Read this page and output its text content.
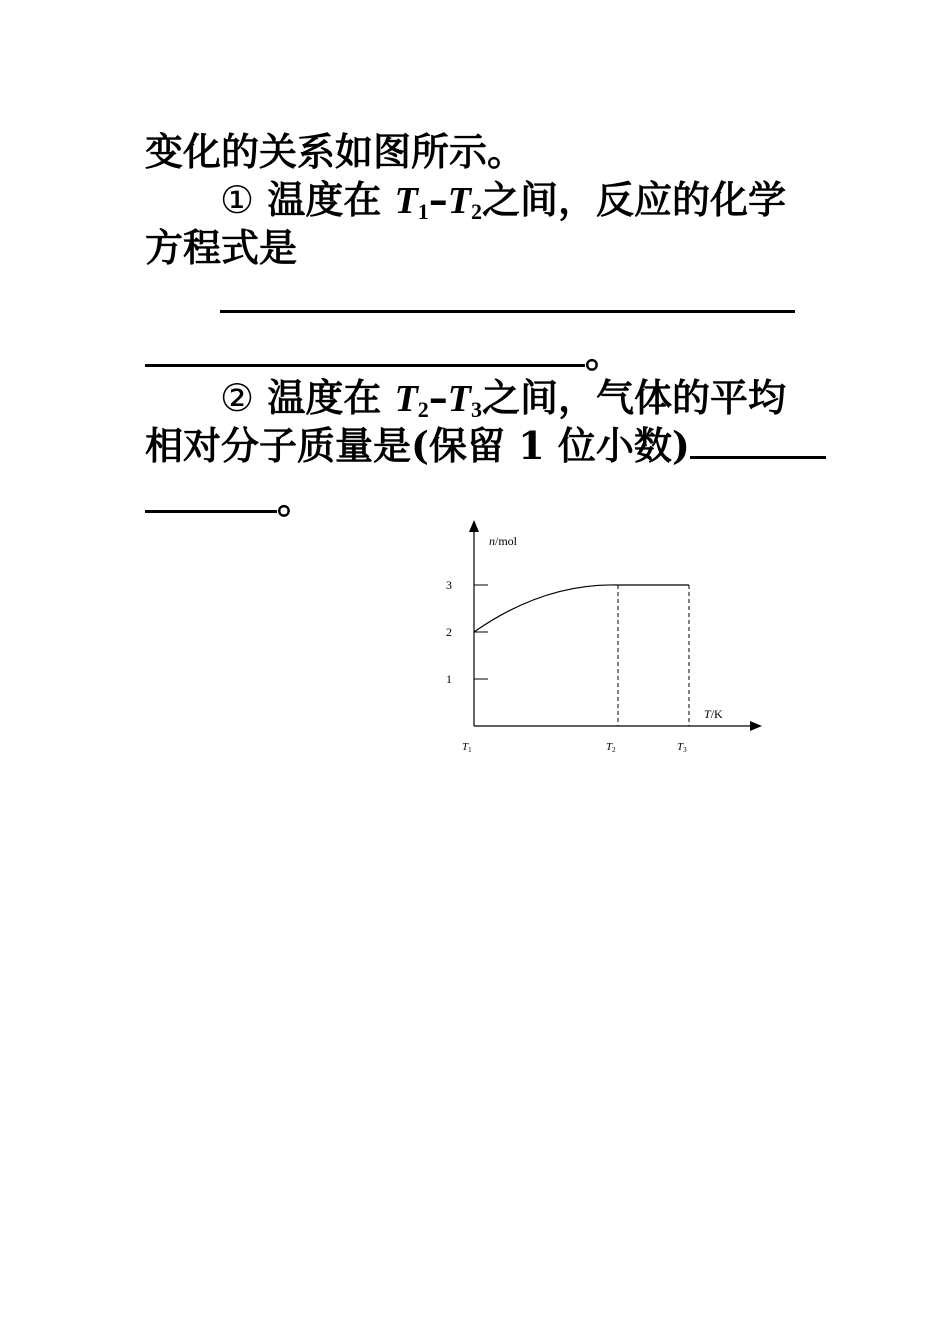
变化的关系如图所示。
① 温度在 $T_1-T_2$之间，反应的化学
方程式是
。
② 温度在 $T_2-T_3$之间，气体的平均
相对分子质量是(保留 1 位小数)
。
1
2
3
T1	T2	T3
n/mol
T/K
